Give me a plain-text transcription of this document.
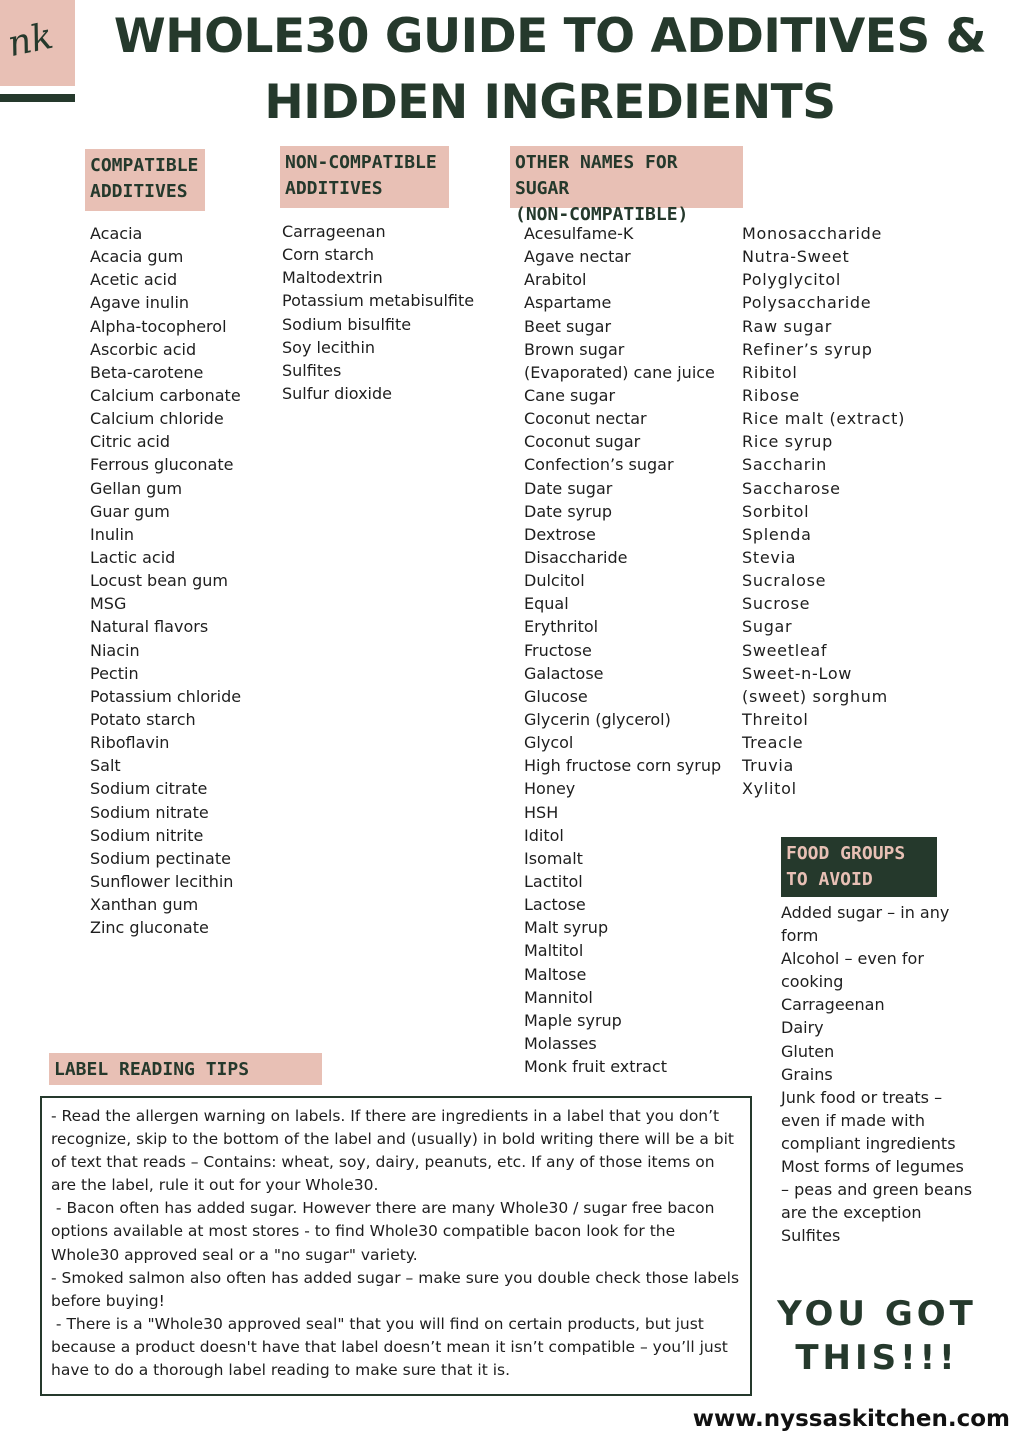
nk	WHOLE30 GUIDE TO ADDITIVES &
HIDDEN INGREDIENTS
COMPATIBLE
ADDITIVES
Acacia
Acacia gum
Acetic acid
Agave inulin
Alpha-tocopherol
Ascorbic acid
Beta-carotene
Calcium carbonate
Calcium chloride
Citric acid
Ferrous gluconate
Gellan gum
Guar gum
Inulin
Lactic acid
Locust bean gum
MSG
Natural flavors
Niacin
Pectin
Potassium chloride
Potato starch
Riboflavin
Salt
Sodium citrate
Sodium nitrate
Sodium nitrite
Sodium pectinate
Sunflower lecithin
Xanthan gum
Zinc gluconate
NON-COMPATIBLE
ADDITIVES
Carrageenan
Corn starch
Maltodextrin
Potassium metabisulfite
Sodium bisulfite
Soy lecithin
Sulfites
Sulfur dioxide
OTHER NAMES FOR SUGAR
(NON-COMPATIBLE)
Acesulfame-K
Agave nectar
Arabitol
Aspartame
Beet sugar
Brown sugar
(Evaporated) cane juice
Cane sugar
Coconut nectar
Coconut sugar
Confection’s sugar
Date sugar
Date syrup
Dextrose
Disaccharide
Dulcitol
Equal
Erythritol
Fructose
Galactose
Glucose
Glycerin (glycerol)
Glycol
High fructose corn syrup
Honey
HSH
Iditol
Isomalt
Lactitol
Lactose
Malt syrup
Maltitol
Maltose
Mannitol
Maple syrup
Molasses
Monk fruit extract
Monosaccharide
Nutra-Sweet
Polyglycitol
Polysaccharide
Raw sugar
Refiner’s syrup
Ribitol
Ribose
Rice malt (extract)
Rice syrup
Saccharin
Saccharose
Sorbitol
Splenda
Stevia
Sucralose
Sucrose
Sugar
Sweetleaf
Sweet-n-Low
(sweet) sorghum
Threitol
Treacle
Truvia
Xylitol
FOOD GROUPS
TO AVOID
Added sugar – in any
form
Alcohol – even for
cooking
Carrageenan
Dairy
Gluten
Grains
Junk food or treats –
even if made with
compliant ingredients
Most forms of legumes
– peas and green beans
are the exception
Sulfites
LABEL READING TIPS

- Read the allergen warning on labels. If there are ingredients in a label that you don’t recognize, skip to the bottom of the label and (usually) in bold writing there will be a bit of text that reads – Contains: wheat, soy, dairy, peanuts, etc. If any of those items on are the label, rule it out for your Whole30.

- Bacon often has added sugar. However there are many Whole30 / sugar free bacon options available at most stores - to find Whole30 compatible bacon look for the Whole30 approved seal or a "no sugar" variety.

- Smoked salmon also often has added sugar – make sure you double check those labels before buying!

- There is a "Whole30 approved seal" that you will find on certain products, but just because a product doesn't have that label doesn’t mean it isn’t compatible – you’ll just have to do a thorough label reading to make sure that it is.

YOU GOT
THIS!!!
www.nyssaskitchen.com
